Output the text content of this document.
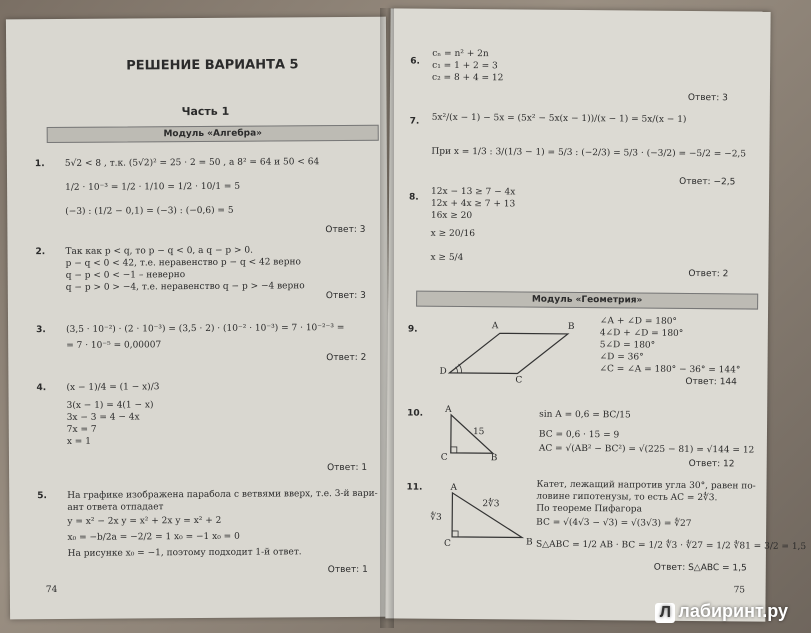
РЕШЕНИЕ ВАРИАНТА 5
Часть 1
Модуль «Алгебра»
1. 5√2 < 8 , т.к. (5√2)² = 25 · 2 = 50 , а 8² = 64 и 50 < 64
1/2 · 10⁻³ = 1/2 · 1/10 = 1/2 · 10/1 = 5
(−3) : (1/2 − 0,1) = (−3) : (−0,6) = 5
Ответ: 3
2. Так как p < q, то p − q < 0, а q − p > 0.
p − q < 0 < 42, т.е. неравенство p − q < 42 верно
q − p < 0 < −1 – неверно
q − p > 0 > −4, т.е. неравенство q − p > −4 верно
Ответ: 3
3. (3,5 · 10⁻²) · (2 · 10⁻³) = (3,5 · 2) · (10⁻² · 10⁻³) = 7 · 10⁻²⁻³ =
= 7 · 10⁻⁵ = 0,00007
Ответ: 2
4. (x − 1)/4 = (1 − x)/3
3(x − 1) = 4(1 − x)
3x − 3 = 4 − 4x
7x = 7
x = 1
Ответ: 1
5. На графике изображена парабола с ветвями вверх, т.е. 3-й вари-
ант ответа отпадает
y = x² − 2x y = x² + 2x y = x² + 2
x₀ = −b/2a = −2/2 = 1 x₀ = −1 x₀ = 0
На рисунке x₀ = −1, поэтому подходит 1-й ответ.
Ответ: 1
74
6.
cₙ = n² + 2n
c₁ = 1 + 2 = 3
c₂ = 8 + 4 = 12
Ответ: 3
7. 5x²/(x − 1) − 5x = (5x² − 5x(x − 1))/(x − 1) = 5x/(x − 1)
При x = 1/3 : 3/(1/3 − 1) = 5/3 : (−2/3) = 5/3 · (−3/2) = −5/2 = −2,5
Ответ: −2,5
8.
12x − 13 ≥ 7 − 4x
12x + 4x ≥ 7 + 13
16x ≥ 20
x ≥ 20/16
x ≥ 5/4
Ответ: 2
Модуль «Геометрия»
9.	A	B
C
D
∠A + ∠D = 180°
4∠D + ∠D = 180°
5∠D = 180°
∠D = 36°
∠C = ∠A = 180° − 36° = 144°
Ответ: 144
10. A
B
C
15
sin A = 0,6 = BC/15
BC = 0,6 · 15 = 9
AC = √(AB² − BC²) = √(225 − 81) = √144 = 12
Ответ: 12
11.	A
B
C
∜3
2∜3
Катет, лежащий напротив угла 30°, равен по-
ловине гипотенузы, то есть AC = 2∜3.
По теореме Пифагора
BC = √(4√3 − √3) = √(3√3) = ∜27
S△ABC = 1/2 AB · BC = 1/2 ∜3 · ∜27 = 1/2 ∜81 = 3/2 = 1,5
Ответ: S△ABC = 1,5
75
Л лабиринт.ру
